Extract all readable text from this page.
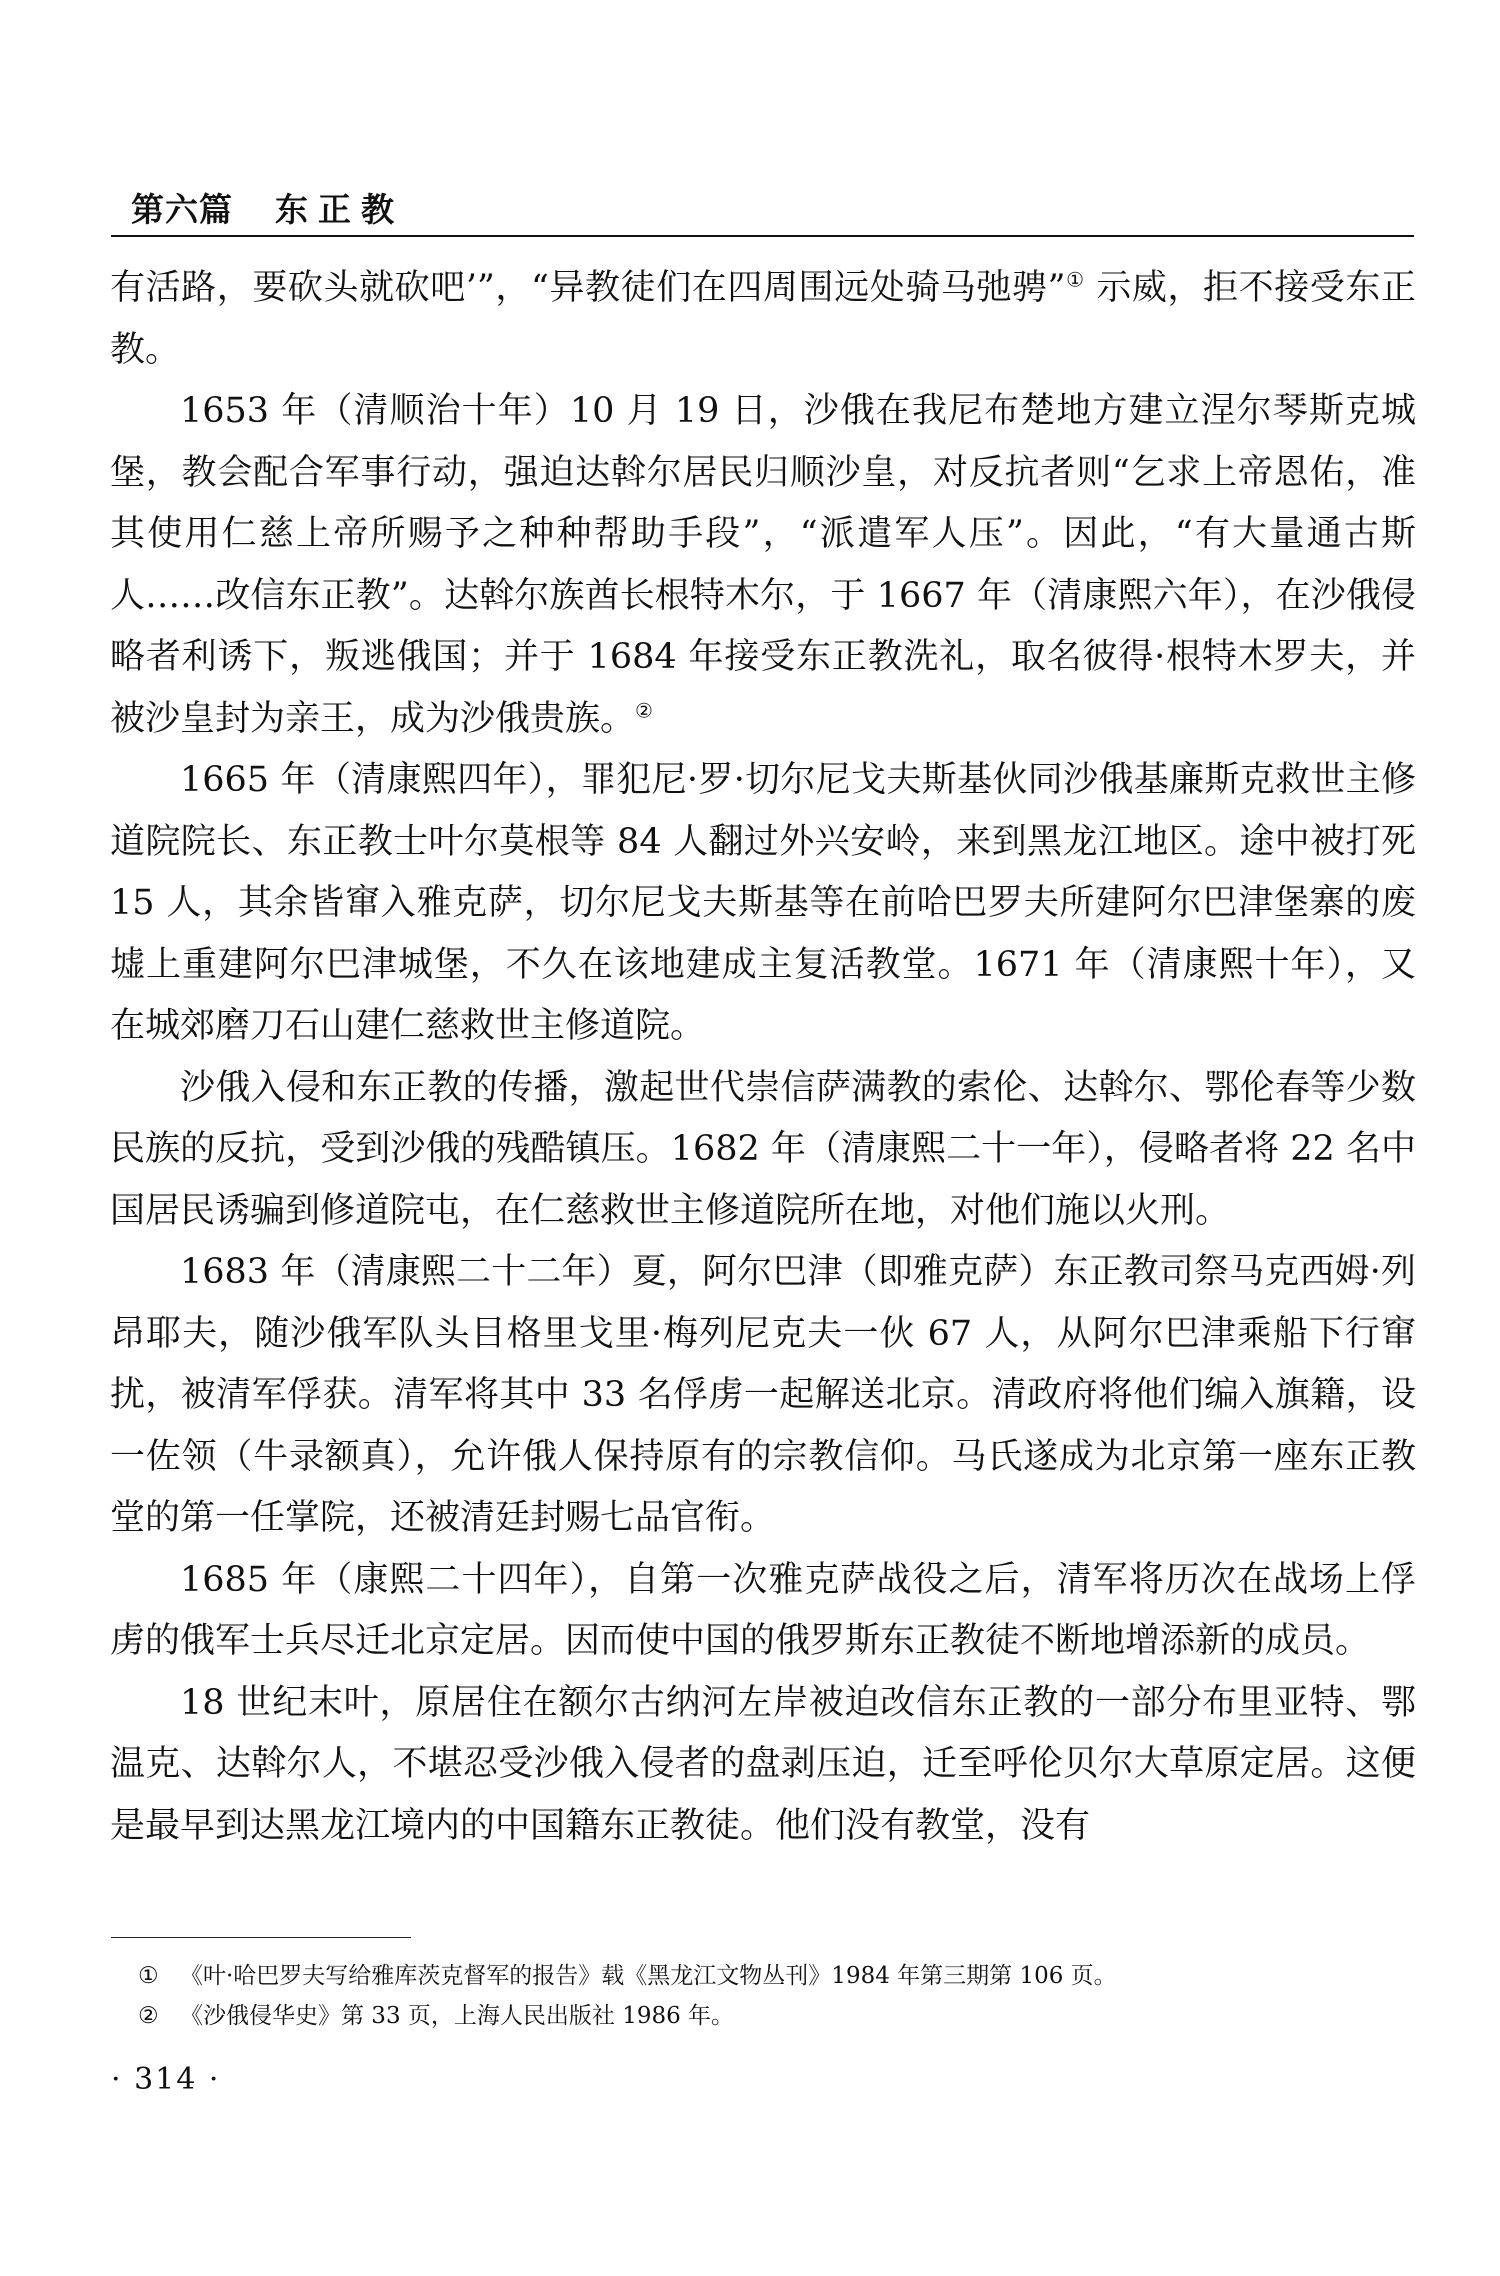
第六篇 东正教

有活路，要砍头就砍吧’”，“异教徒们在四周围远处骑马弛骋”① 示威，拒不接受东正教。

1653 年（清顺治十年）10 月 19 日，沙俄在我尼布楚地方建立涅尔琴斯克城堡，教会配合军事行动，强迫达斡尔居民归顺沙皇，对反抗者则“乞求上帝恩佑，准其使用仁慈上帝所赐予之种种帮助手段”，“派遣军人压”。因此，“有大量通古斯人……改信东正教”。达斡尔族酋长根特木尔，于 1667 年（清康熙六年），在沙俄侵略者利诱下，叛逃俄国；并于 1684 年接受东正教洗礼，取名彼得·根特木罗夫，并被沙皇封为亲王，成为沙俄贵族。②

1665 年（清康熙四年），罪犯尼·罗·切尔尼戈夫斯基伙同沙俄基廉斯克救世主修道院院长、东正教士叶尔莫根等 84 人翻过外兴安岭，来到黑龙江地区。途中被打死 15 人，其余皆窜入雅克萨，切尔尼戈夫斯基等在前哈巴罗夫所建阿尔巴津堡寨的废墟上重建阿尔巴津城堡，不久在该地建成主复活教堂。1671 年（清康熙十年），又在城郊磨刀石山建仁慈救世主修道院。

沙俄入侵和东正教的传播，激起世代崇信萨满教的索伦、达斡尔、鄂伦春等少数民族的反抗，受到沙俄的残酷镇压。1682 年（清康熙二十一年），侵略者将 22 名中国居民诱骗到修道院屯，在仁慈救世主修道院所在地，对他们施以火刑。

1683 年（清康熙二十二年）夏，阿尔巴津（即雅克萨）东正教司祭马克西姆·列昂耶夫，随沙俄军队头目格里戈里·梅列尼克夫一伙 67 人，从阿尔巴津乘船下行窜扰，被清军俘获。清军将其中 33 名俘虏一起解送北京。清政府将他们编入旗籍，设一佐领（牛录额真），允许俄人保持原有的宗教信仰。马氏遂成为北京第一座东正教堂的第一任掌院，还被清廷封赐七品官衔。

1685 年（康熙二十四年），自第一次雅克萨战役之后，清军将历次在战场上俘虏的俄军士兵尽迁北京定居。因而使中国的俄罗斯东正教徒不断地增添新的成员。

18 世纪末叶，原居住在额尔古纳河左岸被迫改信东正教的一部分布里亚特、鄂温克、达斡尔人，不堪忍受沙俄入侵者的盘剥压迫，迁至呼伦贝尔大草原定居。这便是最早到达黑龙江境内的中国籍东正教徒。他们没有教堂，没有

① 《叶·哈巴罗夫写给雅库茨克督军的报告》载《黑龙江文物丛刊》1984 年第三期第 106 页。
② 《沙俄侵华史》第 33 页，上海人民出版社 1986 年。
· 314 ·
